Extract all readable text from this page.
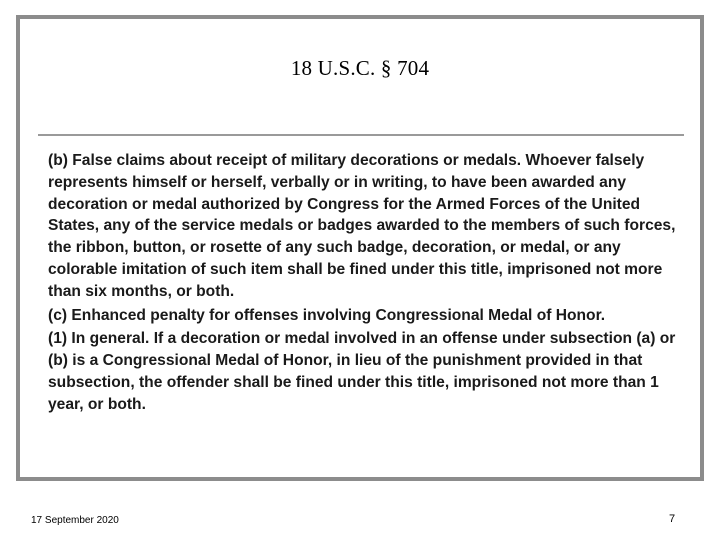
18 U.S.C. § 704

(b) False claims about receipt of military decorations or medals. Whoever falsely represents himself or herself, verbally or in writing, to have been awarded any decoration or medal authorized by Congress for the Armed Forces of the United States, any of the service medals or badges awarded to the members of such forces, the ribbon, button, or rosette of any such badge, decoration, or medal, or any colorable imitation of such item shall be fined under this title, imprisoned not more than six months, or both.

(c) Enhanced penalty for offenses involving Congressional Medal of Honor.

(1) In general. If a decoration or medal involved in an offense under subsection (a) or (b) is a Congressional Medal of Honor, in lieu of the punishment provided in that subsection, the offender shall be fined under this title, imprisoned not more than 1 year, or both.

17 September 2020	7
